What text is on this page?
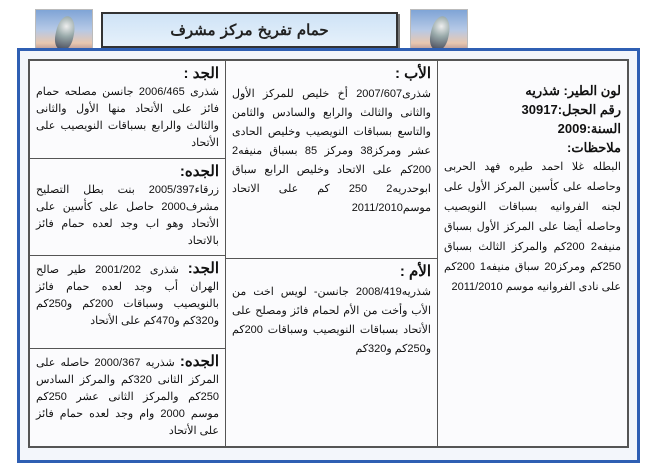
حمام تفريخ مركز مشرف
الجد :
شذرى 2006/465 جانسن مصلحه حمام فائز على الأتحاد منها الأول والثانى والثالث والرابع بسباقات النويصيب على الأتحاد
الجده:
زرقاء2005/397 بنت بطل التصليح مشرف2000 حاصل على كأسين على الأتحاد وهو اب وجد لعده حمام فائز بالاتحاد
الجد: شذرى 2001/202 طير صالح الهران أب وجد لعده حمام فائز بالنويصيب وسباقات 200كم و250كم و320كم و470كم على الأتحاد
الجده: شذريه 2000/367 حاصله على المركز الثانى 320كم والمركز السادس 250كم والمركز الثانى عشر 250كم موسم 2000 وام وجد لعده حمام فائز على الأتحاد
الأب :
شذرى2007/607 أخ خليص للمركز الأول والثانى والثالث والرابع والسادس والثامن والتاسع بسباقات النويصيب وخليص الحادى عشر ومركز38 ومركز 85 بسباق منيفه2 200كم على الاتحاد وخليص الرابع سباق ابوحدريه2 250 كم على الاتحاد موسم2011/2010
الأم :
شذريه2008/419 جانسن- لويس اخت من الأب وأخت من الأم لحمام فائز ومصلح على الأتحاد بسباقات النويصيب وسباقات 200كم و250كم و320كم
لون الطير: شذريه
رقم الحجل:30917
السنة:2009
ملاحظات:
البطله غلا احمد طيره فهد الحربى وحاصله على كأسين المركز الأول على لجنه الفروانيه بسباقات النويصيب وحاصله أيضا على المركز الأول بسباق منيفه2 200كم والمركز الثالث بسباق 250كم ومركز20 سباق منيفه1 200كم على نادى الفروانيه موسم 2011/2010
